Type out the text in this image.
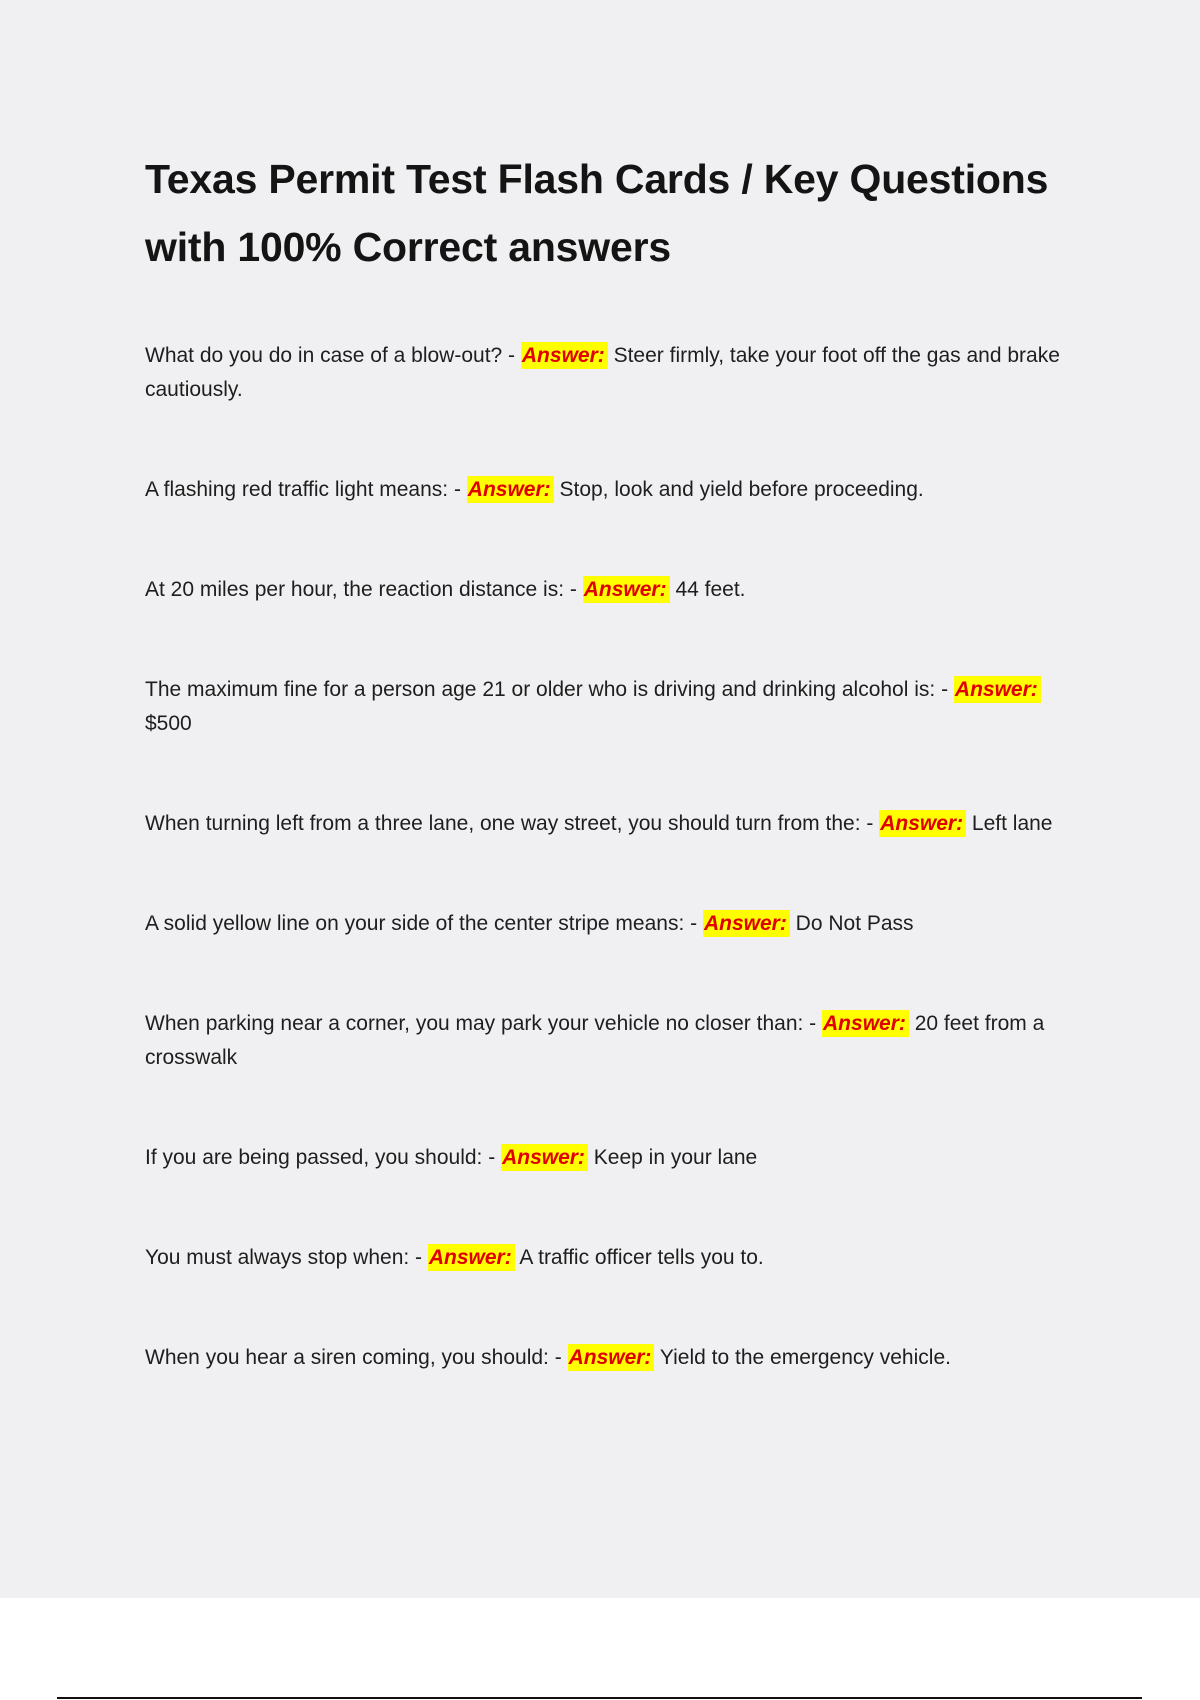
Texas Permit Test Flash Cards / Key Questions with 100% Correct answers

What do you do in case of a blow-out? - Answer: Steer firmly, take your foot off the gas and brake cautiously.

A flashing red traffic light means: - Answer: Stop, look and yield before proceeding.

At 20 miles per hour, the reaction distance is: - Answer: 44 feet.

The maximum fine for a person age 21 or older who is driving and drinking alcohol is: - Answer: $500

When turning left from a three lane, one way street, you should turn from the: - Answer: Left lane

A solid yellow line on your side of the center stripe means: - Answer: Do Not Pass

When parking near a corner, you may park your vehicle no closer than: - Answer: 20 feet from a crosswalk

If you are being passed, you should: - Answer: Keep in your lane

You must always stop when: - Answer: A traffic officer tells you to.

When you hear a siren coming, you should: - Answer: Yield to the emergency vehicle.
